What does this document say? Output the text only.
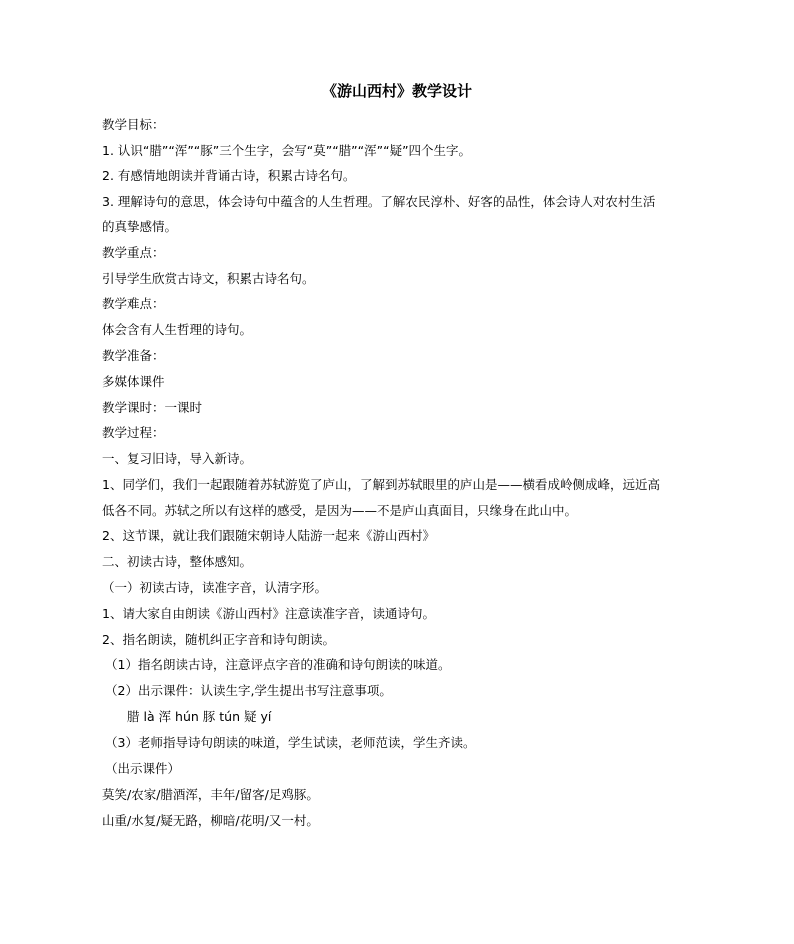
《游山西村》教学设计
教学目标：
1. 认识“腊”“浑”“豚”三个生字，会写“莫”“腊”“浑”“疑”四个生字。
2. 有感情地朗读并背诵古诗，积累古诗名句。
3. 理解诗句的意思，体会诗句中蕴含的人生哲理。了解农民淳朴、好客的品性，体会诗人对农村生活
的真挚感情。
教学重点：
引导学生欣赏古诗文，积累古诗名句。
教学难点：
体会含有人生哲理的诗句。
教学准备：
多媒体课件
教学课时：一课时
教学过程：
一、复习旧诗，导入新诗。
1、同学们，我们一起跟随着苏轼游览了庐山，了解到苏轼眼里的庐山是——横看成岭侧成峰，远近高
低各不同。苏轼之所以有这样的感受，是因为——不是庐山真面目，只缘身在此山中。
2、这节课，就让我们跟随宋朝诗人陆游一起来《游山西村》
二、初读古诗，整体感知。
（一）初读古诗，读准字音，认清字形。
1、请大家自由朗读《游山西村》注意读准字音，读通诗句。
2、指名朗读，随机纠正字音和诗句朗读。
（1）指名朗读古诗，注意评点字音的准确和诗句朗读的味道。
（2）出示课件：认读生字,学生提出书写注意事项。
腊 là 浑 hún 豚 tún 疑 yí
（3）老师指导诗句朗读的味道，学生试读，老师范读，学生齐读。
（出示课件）
莫笑/农家/腊酒浑，丰年/留客/足鸡豚。
山重/水复/疑无路，柳暗/花明/又一村。
